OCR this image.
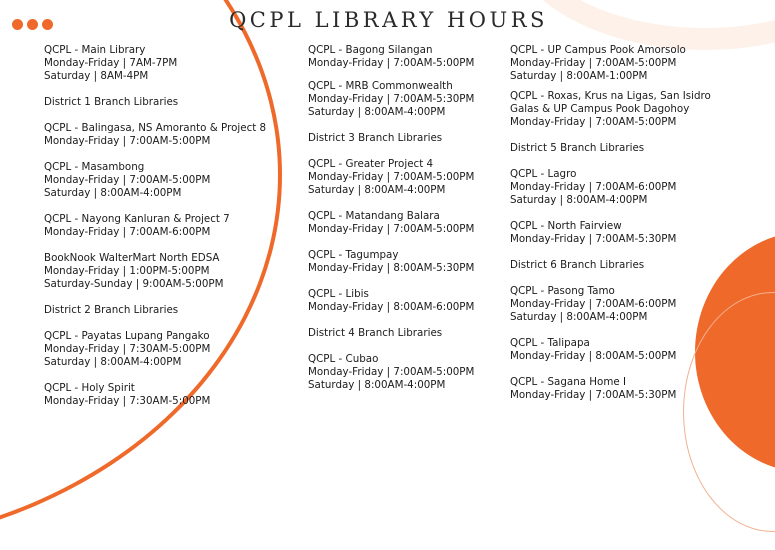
QCPL LIBRARY HOURS
QCPL - Main Library
Monday-Friday | 7AM-7PM
Saturday | 8AM-4PM
District 1 Branch Libraries
QCPL - Balingasa, NS Amoranto & Project 8
Monday-Friday | 7:00AM-5:00PM
QCPL - Masambong
Monday-Friday | 7:00AM-5:00PM
Saturday | 8:00AM-4:00PM
QCPL - Nayong Kanluran & Project 7
Monday-Friday | 7:00AM-6:00PM
BookNook WalterMart North EDSA
Monday-Friday | 1:00PM-5:00PM
Saturday-Sunday | 9:00AM-5:00PM
District 2 Branch Libraries
QCPL - Payatas Lupang Pangako
Monday-Friday | 7:30AM-5:00PM
Saturday | 8:00AM-4:00PM
QCPL - Holy Spirit
Monday-Friday | 7:30AM-5:00PM
QCPL - Bagong Silangan
Monday-Friday | 7:00AM-5:00PM
QCPL - MRB Commonwealth
Monday-Friday | 7:00AM-5:30PM
Saturday | 8:00AM-4:00PM
District 3 Branch Libraries
QCPL - Greater Project 4
Monday-Friday | 7:00AM-5:00PM
Saturday | 8:00AM-4:00PM
QCPL - Matandang Balara
Monday-Friday | 7:00AM-5:00PM
QCPL - Tagumpay
Monday-Friday | 8:00AM-5:30PM
QCPL - Libis
Monday-Friday | 8:00AM-6:00PM
District 4 Branch Libraries
QCPL - Cubao
Monday-Friday | 7:00AM-5:00PM
Saturday | 8:00AM-4:00PM
QCPL - UP Campus Pook Amorsolo
Monday-Friday | 7:00AM-5:00PM
Saturday | 8:00AM-1:00PM
QCPL - Roxas, Krus na Ligas, San Isidro
Galas & UP Campus Pook Dagohoy
Monday-Friday | 7:00AM-5:00PM
District 5 Branch Libraries
QCPL - Lagro
Monday-Friday | 7:00AM-6:00PM
Saturday | 8:00AM-4:00PM
QCPL - North Fairview
Monday-Friday | 7:00AM-5:30PM
District 6 Branch Libraries
QCPL - Pasong Tamo
Monday-Friday | 7:00AM-6:00PM
Saturday | 8:00AM-4:00PM
QCPL - Talipapa
Monday-Friday | 8:00AM-5:00PM
QCPL - Sagana Home I
Monday-Friday | 7:00AM-5:30PM
